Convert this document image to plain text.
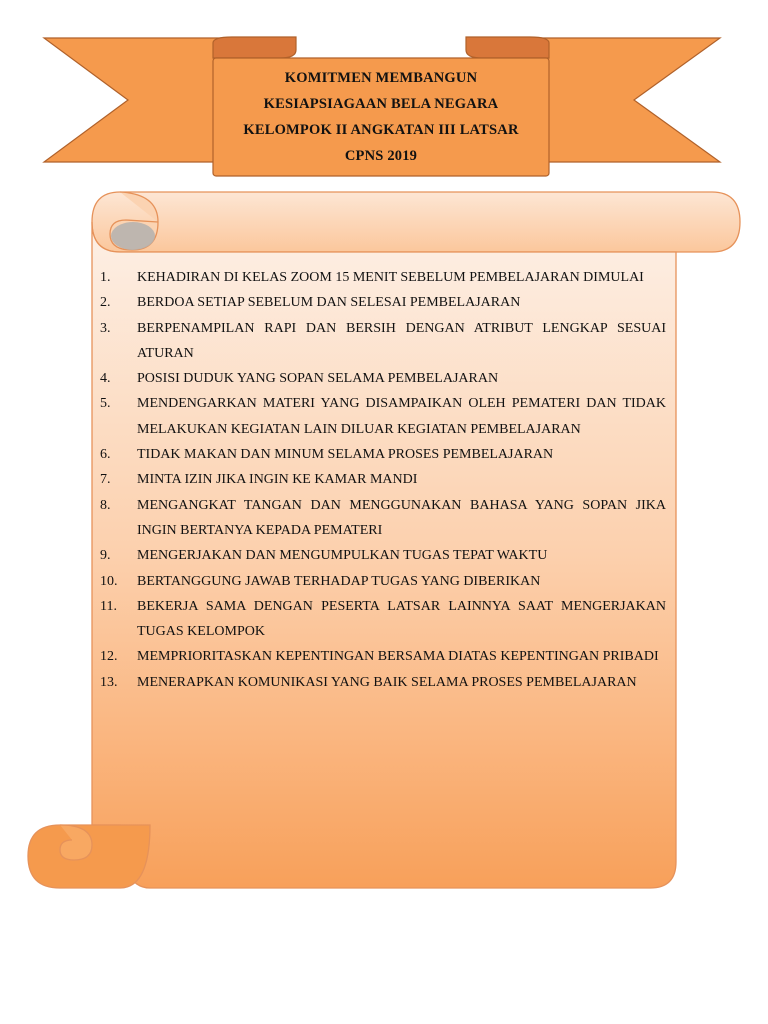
KOMITMEN MEMBANGUN
KESIAPSIAGAAN BELA NEGARA
KELOMPOK II ANGKATAN III LATSAR
CPNS 2019
1.	KEHADIRAN DI KELAS ZOOM 15 MENIT SEBELUM PEMBELAJARAN DIMULAI
2.	BERDOA SETIAP SEBELUM DAN SELESAI PEMBELAJARAN
3.	BERPENAMPILAN RAPI DAN BERSIH DENGAN ATRIBUT LENGKAP SESUAI ATURAN
4.	POSISI DUDUK YANG SOPAN SELAMA PEMBELAJARAN
5.	MENDENGARKAN MATERI YANG DISAMPAIKAN OLEH PEMATERI DAN TIDAK MELAKUKAN KEGIATAN LAIN DILUAR KEGIATAN PEMBELAJARAN
6.	TIDAK MAKAN DAN MINUM SELAMA PROSES PEMBELAJARAN
7.	MINTA IZIN JIKA INGIN KE KAMAR MANDI
8.	MENGANGKAT TANGAN DAN MENGGUNAKAN BAHASA YANG SOPAN JIKA INGIN BERTANYA KEPADA PEMATERI
9.	MENGERJAKAN DAN MENGUMPULKAN TUGAS TEPAT WAKTU
10.	BERTANGGUNG JAWAB TERHADAP TUGAS YANG DIBERIKAN
11.	BEKERJA SAMA DENGAN PESERTA LATSAR LAINNYA SAAT MENGERJAKAN TUGAS KELOMPOK
12.	MEMPRIORITASKAN KEPENTINGAN BERSAMA DIATAS KEPENTINGAN PRIBADI
13.	MENERAPKAN KOMUNIKASI YANG BAIK SELAMA PROSES PEMBELAJARAN
